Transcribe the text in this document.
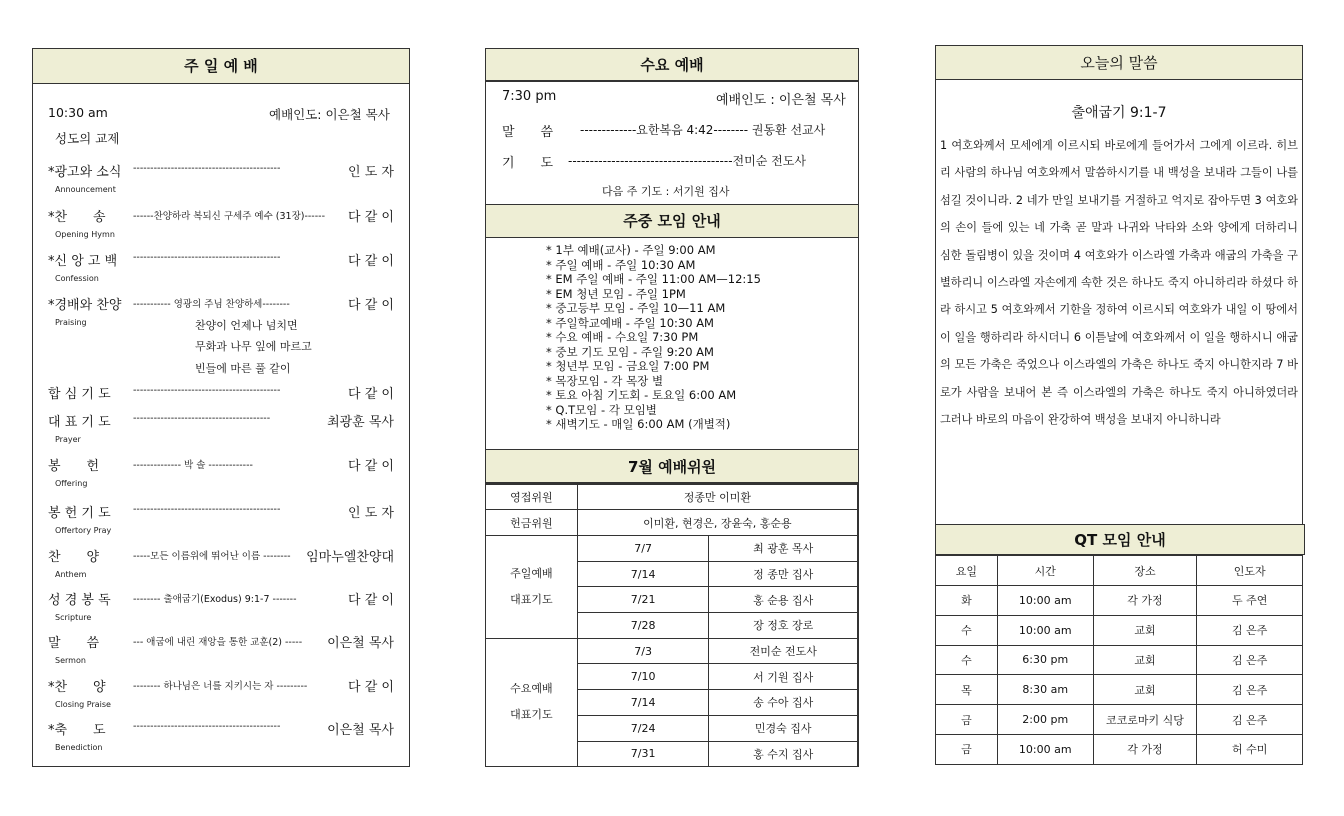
주 일 예 배
10:30 am	예배인도: 이은철 목사
성도의 교제
*광고와 소식 -------------------------------------------	인 도 자
Announcement
*찬　　송	------찬양하라 복되신 구세주 예수 (31장)------ 다 같 이
Opening Hymn
*신 앙 고 백 -------------------------------------------	다 같 이
Confession
*경배와 찬양 ----------- 영광의 주님 찬양하세--------	다 같 이
Praising
합 심 기 도 -------------------------------------------	다 같 이
대 표 기 도 ----------------------------------------	최광훈 목사
Prayer
봉　　헌	-------------- 박 솔 -------------	다 같 이
Offering
봉 헌 기 도 -------------------------------------------	인 도 자
Offertory Pray
찬　　양	-----모든 이름위에 뛰어난 이름 -------- 임마누엘찬양대
Anthem
성 경 봉 독 -------- 출애굽기(Exodus) 9:1-7 -------	다 같 이
Scripture
말　　씀	--- 애굽에 내린 재앙을 통한 교훈(2) ----- 이은철 목사
Sermon
*찬　　양	-------- 하나님은 너를 지키시는 자 ---------	다 같 이
Closing Praise
*축　　도	-------------------------------------------	이은철 목사
Benediction
찬양이 언제나 넘치면
무화과 나무 잎에 마르고
빈들에 마른 풀 같이
수요 예배
7:30 pm	예배인도 : 이은철 목사
말　　씀 -------------요한복음 4:42-------- 권동환 선교사
기　　도 --------------------------------------전미순 전도사
다음 주 기도 : 서기원 집사
주중 모임 안내
* 1부 예배(교사) - 주일 9:00 AM
* 주일 예배 - 주일 10:30 AM
* EM 주일 예배 - 주일 11:00 AM—12:15
* EM 청년 모임 - 주일 1PM
* 중고등부 모임 - 주일 10—11 AM
* 주일학교예배 - 주일 10:30 AM
* 수요 예배 - 수요일 7:30 PM
* 중보 기도 모임 - 주일 9:20 AM
* 청년부 모임 - 금요일 7:00 PM
* 목장모임 - 각 목장 별
* 토요 아침 기도회 - 토요일 6:00 AM
* Q.T모임 - 각 모임별
* 새벽기도 - 매일 6:00 AM (개별적)
7월 예배위원
영접위원	정종만 이미환	
헌금위원	이미환, 현경은, 장윤숙, 홍순용	

주일예배
대표기도	7/7	최 광훈 목사
	7/14	정 종만 집사
	7/21	홍 순용 집사
	7/28	장 정호 장로

수요예배
대표기도	7/3	전미순 전도사
	7/10	서 기원 집사
	7/14	송 수아 집사
	7/24	민경숙 집사
	7/31	홍 수지 집사
오늘의 말씀
출애굽기 9:1-7
1 여호와께서 모세에게 이르시되 바로에게 들어가서 그에게 이르라. 히브리 사람의 하나님 여호와께서 말씀하시기를 내 백성을 보내라 그들이 나를 섬길 것이니라. 2 네가 만일 보내기를 거절하고 억지로 잡아두면 3 여호와의 손이 들에 있는 네 가축 곧 말과 나귀와 낙타와 소와 양에게 더하리니 심한 돌림병이 있을 것이며 4 여호와가 이스라엘 가축과 애굽의 가축을 구별하리니 이스라엘 자손에게 속한 것은 하나도 죽지 아니하리라 하셨다 하라 하시고 5 여호와께서 기한을 정하여 이르시되 여호와가 내일 이 땅에서 이 일을 행하리라 하시더니 6 이튿날에 여호와께서 이 일을 행하시니 애굽의 모든 가축은 죽었으나 이스라엘의 가축은 하나도 죽지 아니한지라 7 바로가 사람을 보내어 본 즉 이스라엘의 가축은 하나도 죽지 아니하였더라 그러나 바로의 마음이 완강하여 백성을 보내지 아니하니라
QT 모임 안내
요일	시간	장소	인도자
화	10:00 am	각 가정	두 주연
수	10:00 am	교회	김 은주
수	6:30 pm	교회	김 은주
목	8:30 am	교회	김 은주
금	2:00 pm	코코로마키 식당	김 은주
금	10:00 am	각 가정	허 수미
